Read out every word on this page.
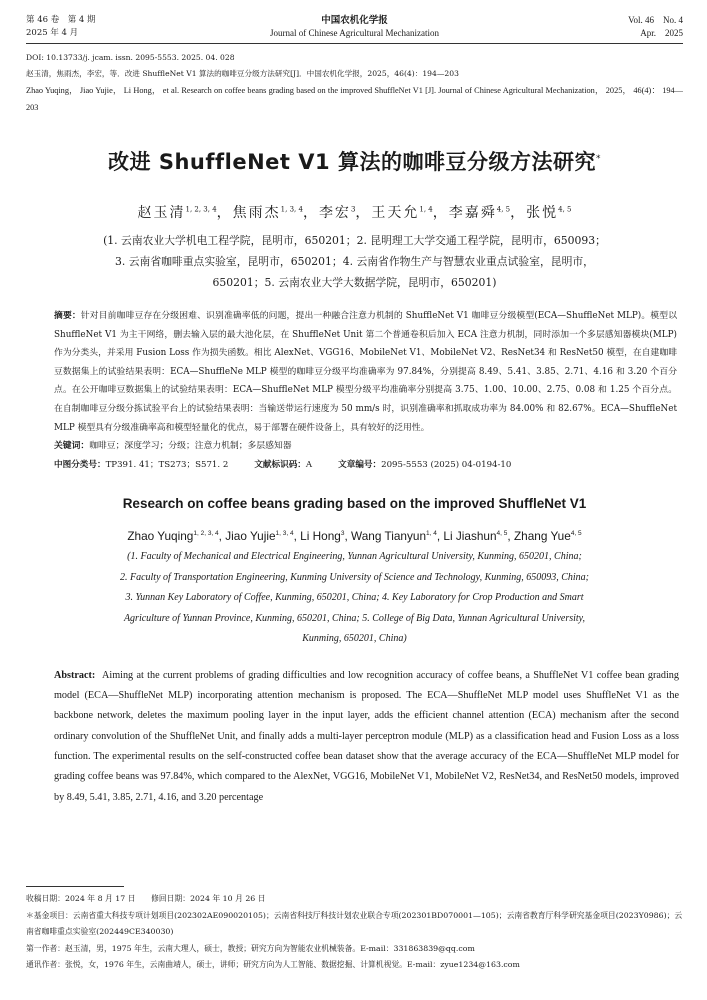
第 46 卷　第 4 期
2025 年 4 月
中国农机化学报
Journal of Chinese Agricultural Mechanization
Vol. 46　No. 4
Apr.　2025
DOI: 10.13733/j. jcam. issn. 2095-5553. 2025. 04. 028
赵玉清，焦雨杰，李宏，等．改进 ShuffleNet V1 算法的咖啡豆分级方法研究[J]．中国农机化学报，2025，46(4)：194—203
Zhao Yuqing， Jiao Yujie， Li Hong， et al. Research on coffee beans grading based on the improved ShuffleNet V1 [J]. Journal of Chinese Agricultural Mechanization， 2025， 46(4)： 194—203
改进 ShuffleNet V1 算法的咖啡豆分级方法研究*
赵玉清$^{1, 2, 3, 4}$，焦雨杰$^{1, 3, 4}$，李宏$^3$，王天允$^{1, 4}$，李嘉舜$^{4, 5}$，张悦$^{4, 5}$
(1. 云南农业大学机电工程学院，昆明市，650201；2. 昆明理工大学交通工程学院，昆明市，650093；
3. 云南省咖啡重点实验室，昆明市，650201；4. 云南省作物生产与智慧农业重点试验室，昆明市，
650201；5. 云南农业大学大数据学院，昆明市，650201)
摘要：针对目前咖啡豆存在分级困难、识别准确率低的问题，提出一种融合注意力机制的 ShuffleNet V1 咖啡豆分级模型(ECA—ShuffleNet MLP)。模型以 ShuffleNet V1 为主干网络，删去输入层的最大池化层，在 ShuffleNet Unit 第二个普通卷积后加入 ECA 注意力机制，同时添加一个多层感知器模块(MLP)作为分类头，并采用 Fusion Loss 作为损失函数。相比 AlexNet、VGG16、MobileNet V1、MobileNet V2、ResNet34 和 ResNet50 模型，在自建咖啡豆数据集上的试验结果表明：ECA—ShuffleNe MLP 模型的咖啡豆分级平均准确率为 97.84%，分别提高 8.49、5.41、3.85、2.71、4.16 和 3.20 个百分点。在公开咖啡豆数据集上的试验结果表明：ECA—ShuffleNet MLP 模型分级平均准确率分别提高 3.75、1.00、10.00、2.75、0.08 和 1.25 个百分点。在自制咖啡豆分级分拣试验平台上的试验结果表明：当输送带运行速度为 50 mm/s 时，识别准确率和抓取成功率为 84.00% 和 82.67%。ECA—ShuffleNet MLP 模型具有分级准确率高和模型轻量化的优点，易于部署在硬件设备上，具有较好的泛用性。
关键词：咖啡豆；深度学习；分级；注意力机制；多层感知器
中图分类号：TP391. 41；TS273；S571. 2	文献标识码：A	文章编号：2095-5553 (2025) 04-0194-10
Research on coffee beans grading based on the improved ShuffleNet V1
Zhao Yuqing$^{1, 2, 3, 4}$, Jiao Yujie$^{1, 3, 4}$, Li Hong$^3$, Wang Tianyun$^{1, 4}$, Li Jiashun$^{4, 5}$, Zhang Yue$^{4, 5}$
(1. Faculty of Mechanical and Electrical Engineering, Yunnan Agricultural University, Kunming, 650201, China;
2. Faculty of Transportation Engineering, Kunming University of Science and Technology, Kunming, 650093, China;
3. Yunnan Key Laboratory of Coffee, Kunming, 650201, China; 4. Key Laboratory for Crop Production and Smart
Agriculture of Yunnan Province, Kunming, 650201, China; 5. College of Big Data, Yunnan Agricultural University,
Kunming, 650201, China)
Abstract: Aiming at the current problems of grading difficulties and low recognition accuracy of coffee beans, a ShuffleNet V1 coffee bean grading model (ECA—ShuffleNet MLP) incorporating attention mechanism is proposed. The ECA—ShuffleNet MLP model uses ShuffleNet V1 as the backbone network, deletes the maximum pooling layer in the input layer, adds the efficient channel attention (ECA) mechanism after the second ordinary convolution of the ShuffleNet Unit, and finally adds a multi-layer perceptron module (MLP) as a classification head and Fusion Loss as a loss function. The experimental results on the self-constructed coffee bean dataset show that the average accuracy of the ECA—ShuffleNet MLP model for grading coffee beans was 97.84%, which compared to the AlexNet, VGG16, MobileNet V1, MobileNet V2, ResNet34, and ResNet50 models, improved by 8.49, 5.41, 3.85, 2.71, 4.16, and 3.20 percentage
收稿日期：2024 年 8 月 17 日　　修回日期：2024 年 10 月 26 日
＊基金项目：云南省重大科技专项计划项目(202302AE090020105)；云南省科技厅科技计划农业联合专项(202301BD070001—105)；云南省教育厅科学研究基金项目(2023Y0986)；云南省咖啡重点实验室(202449CE340030)
第一作者：赵玉清，男，1975 年生，云南大理人，硕士，教授；研究方向为智能农业机械装备。E-mail：331863839@qq.com
通讯作者：张悦，女，1976 年生，云南曲靖人，硕士，讲师；研究方向为人工智能、数据挖掘、计算机视觉。E-mail：zyue1234@163.com
